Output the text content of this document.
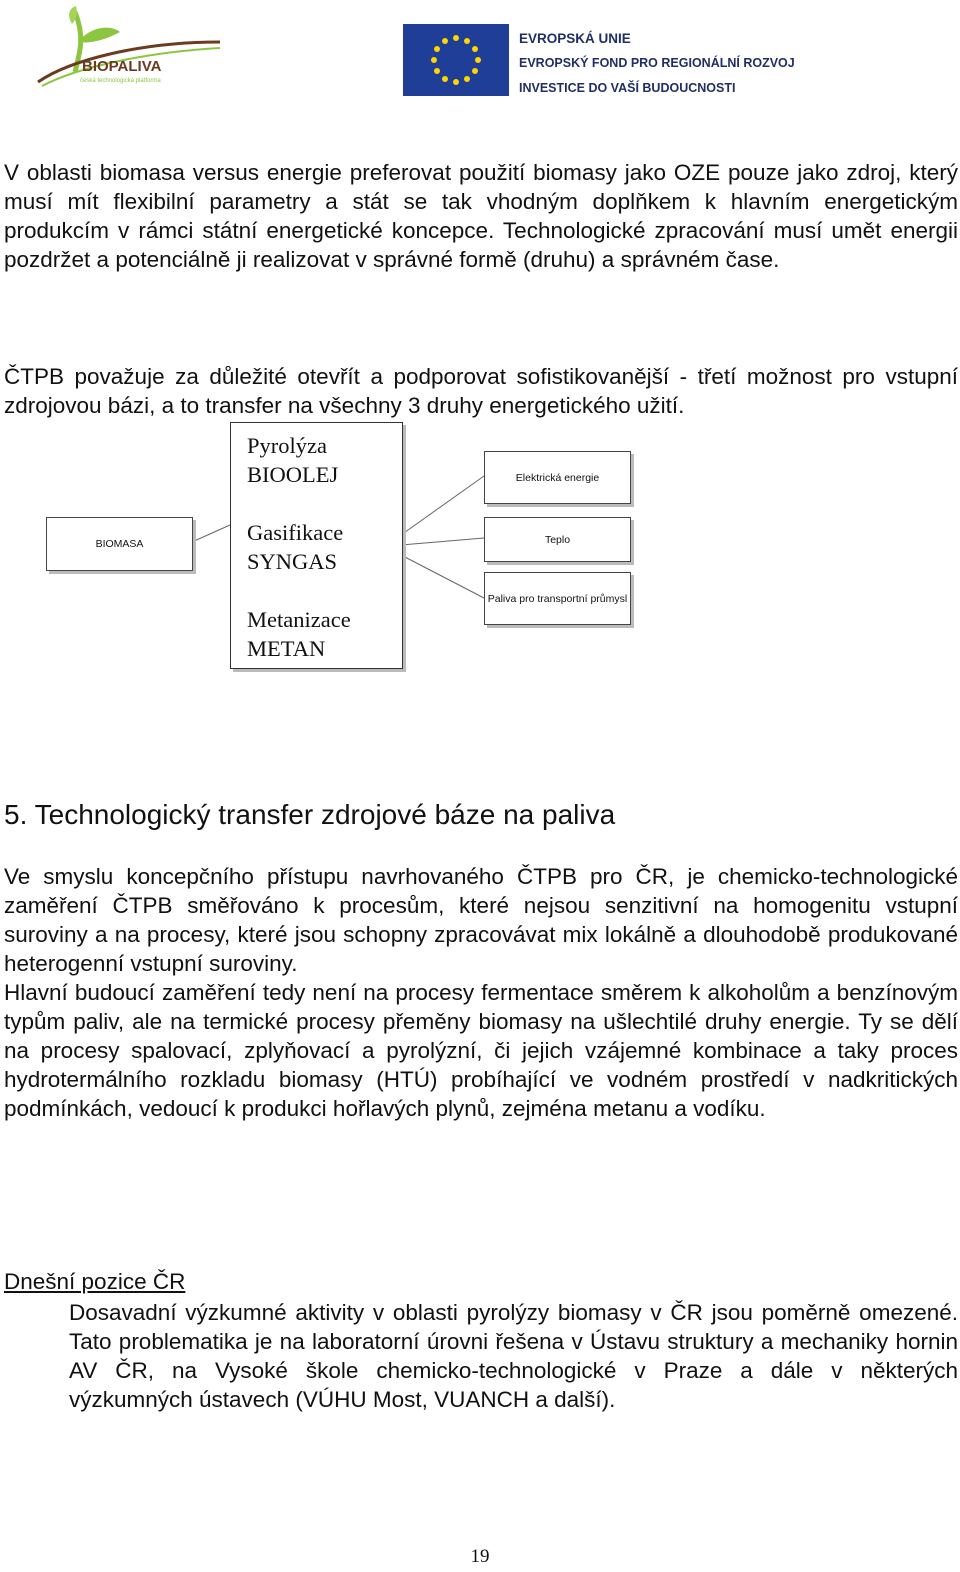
BIOPALIVA
česká technologická platforma
EVROPSKÁ UNIE
EVROPSKÝ FOND PRO REGIONÁLNÍ ROZVOJ
INVESTICE DO VAŠÍ BUDOUCNOSTI

V oblasti biomasa versus energie preferovat použití biomasy jako OZE pouze jako zdroj, který musí mít flexibilní parametry a stát se tak vhodným doplňkem k hlavním energetickým produkcím v rámci státní energetické koncepce. Technologické zpracování musí umět energii pozdržet a potenciálně ji realizovat v správné formě (druhu) a správném čase.

ČTPB považuje za důležité otevřít a podporovat sofistikovanější - třetí možnost pro vstupní zdrojovou bázi, a to transfer na všechny 3 druhy energetického užití.

BIOMASA
Pyrolýza
BIOOLEJ
Gasifikace
SYNGAS
Metanizace
METAN
Elektrická energie
Teplo
Paliva pro transportní průmysl
5. Technologický transfer zdrojové báze na paliva

Ve smyslu koncepčního přístupu navrhovaného ČTPB pro ČR, je chemicko-technologické zaměření ČTPB směřováno k procesům, které nejsou senzitivní na homogenitu vstupní suroviny a na procesy, které jsou schopny zpracovávat mix lokálně a dlouhodobě produkované heterogenní vstupní suroviny.

Hlavní budoucí zaměření tedy není na procesy fermentace směrem k alkoholům a benzínovým typům paliv, ale na termické procesy přeměny biomasy na ušlechtilé druhy energie. Ty se dělí na procesy spalovací, zplyňovací a pyrolýzní, či jejich vzájemné kombinace a taky proces hydrotermálního rozkladu biomasy (HTÚ) probíhající ve vodném prostředí v nadkritických podmínkách, vedoucí k produkci hořlavých plynů, zejména metanu a vodíku.

Dnešní pozice ČR

Dosavadní výzkumné aktivity v oblasti pyrolýzy biomasy v ČR jsou poměrně omezené. Tato problematika je na laboratorní úrovni řešena v Ústavu struktury a mechaniky hornin AV ČR, na Vysoké škole chemicko-technologické v Praze a dále v některých výzkumných ústavech (VÚHU Most, VUANCH a další).

19
